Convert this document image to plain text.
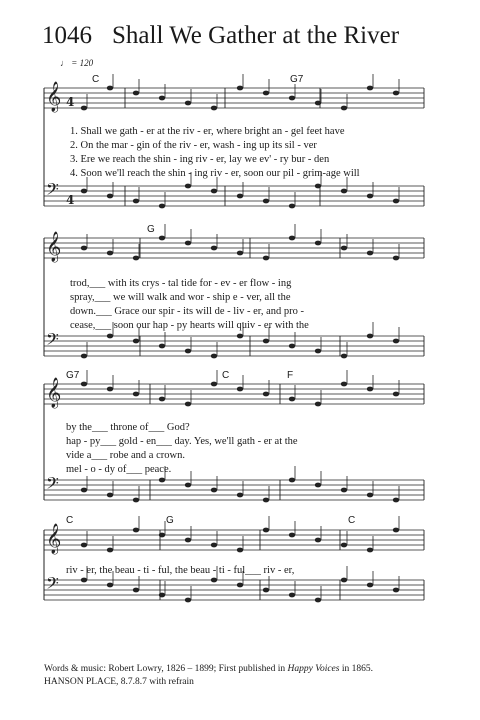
𝄞
𝄢
4
4
𝄞
𝄢
𝄞
𝄢
𝄞
𝄢
1046 Shall We Gather at the River
♩ = 120
C	G7
1. Shall we gath - er at the riv - er, where bright an - gel feet have
2. On the mar - gin of the riv - er, wash - ing up its sil - ver
3. Ere we reach the shin - ing riv - er, lay we ev' - ry bur - den
4. Soon we'll reach the shin - ing riv - er, soon our pil - grim-age will
G
trod,___ with its crys - tal tide for - ev - er flow - ing
spray,___ we will walk and wor - ship e - ver, all the
down.___ Grace our spir - its will de - liv - er, and pro -
cease,___ soon our hap - py hearts will quiv - er with the
G7	C	F
by the___ throne of___ God?
hap - py___ gold - en___ day. Yes, we'll gath - er at the
vide a___ robe and a crown.
mel - o - dy of___ peace.
C	G	C
riv - er, the beau - ti - ful, the beau - ti - ful___ riv - er,
Words & music: Robert Lowry, 1826 – 1899; First published in Happy Voices in 1865.
HANSON PLACE, 8.7.8.7 with refrain
